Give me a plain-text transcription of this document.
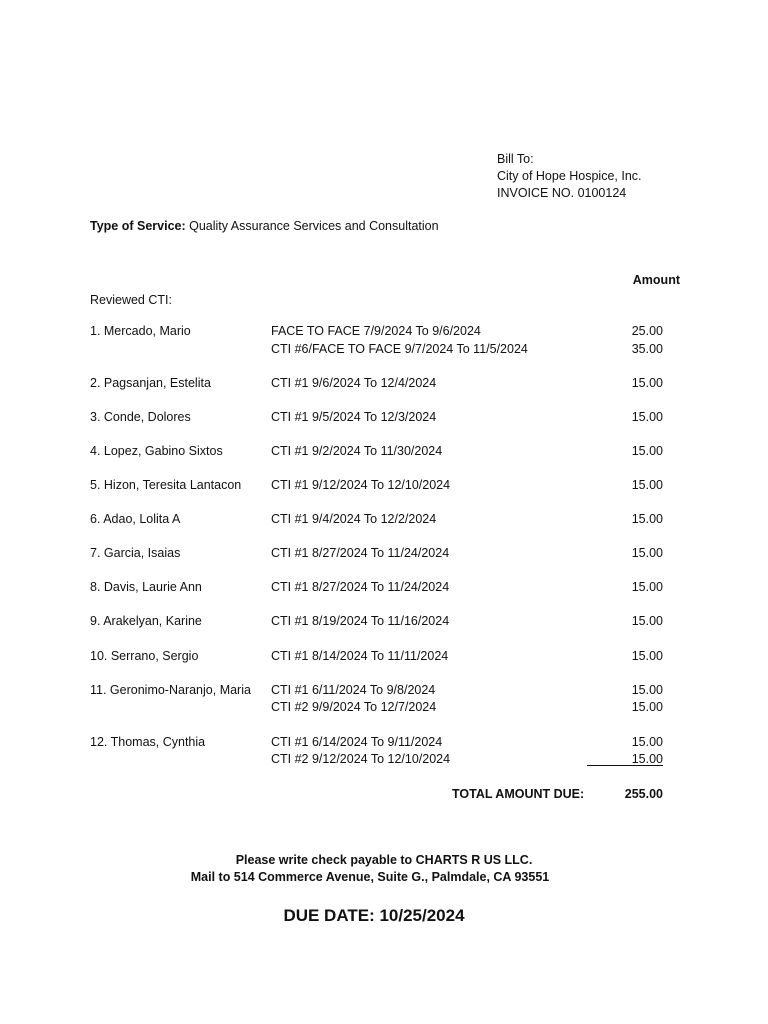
Bill To:
City of Hope Hospice, Inc.
INVOICE NO. 0100124
Type of Service: Quality Assurance Services and Consultation
Amount
Reviewed CTI:
1. Mercado, Mario	FACE TO FACE 7/9/2024 To 9/6/2024	25.00
CTI #6/FACE TO FACE 9/7/2024 To 11/5/2024	35.00
2. Pagsanjan, Estelita	CTI #1 9/6/2024 To 12/4/2024	15.00
3. Conde, Dolores	CTI #1 9/5/2024 To 12/3/2024	15.00
4. Lopez, Gabino Sixtos	CTI #1 9/2/2024 To 11/30/2024	15.00
5. Hizon, Teresita Lantacon CTI #1 9/12/2024 To 12/10/2024	15.00
6. Adao, Lolita A	CTI #1 9/4/2024 To 12/2/2024	15.00
7. Garcia, Isaias	CTI #1 8/27/2024 To 11/24/2024	15.00
8. Davis, Laurie Ann	CTI #1 8/27/2024 To 11/24/2024	15.00
9. Arakelyan, Karine	CTI #1 8/19/2024 To 11/16/2024	15.00
10. Serrano, Sergio	CTI #1 8/14/2024 To 11/11/2024	15.00
11. Geronimo-Naranjo, Maria CTI #1 6/11/2024 To 9/8/2024	15.00
CTI #2 9/9/2024 To 12/7/2024	15.00
12. Thomas, Cynthia	CTI #1 6/14/2024 To 9/11/2024	15.00
CTI #2 9/12/2024 To 12/10/2024	15.00
TOTAL AMOUNT DUE:	255.00
Please write check payable to CHARTS R US LLC.
Mail to 514 Commerce Avenue, Suite G., Palmdale, CA 93551
DUE DATE: 10/25/2024
